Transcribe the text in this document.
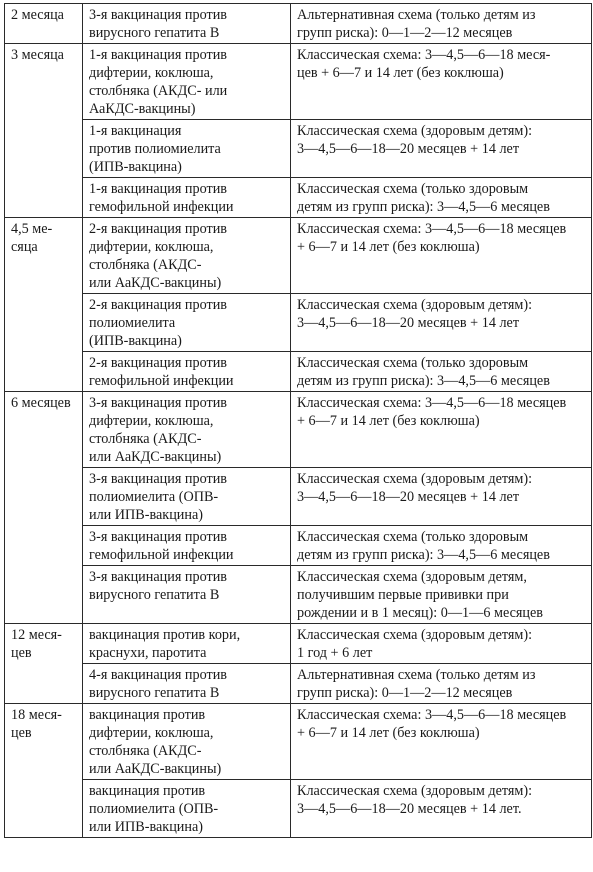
2 месяца	3-я вакцинация против
вирусного гепатита В	Альтернативная схема (только детям из
групп риска): 0—1—2—12 месяцев

3 месяца	1-я вакцинация против
дифтерии, коклюша,
столбняка (АКДС- или
АаКДС-вакцины)	Классическая схема: 3—4,5—6—18 меся-
цев + 6—7 и 14 лет (без коклюша)

	1-я вакцинация
против полиомиелита
(ИПВ-вакцина)	Классическая схема (здоровым детям):
3—4,5—6—18—20 месяцев + 14 лет

	1-я вакцинация против
гемофильной инфекции	Классическая схема (только здоровым
детям из групп риска): 3—4,5—6 месяцев

4,5 ме-
сяца	2-я вакцинация против
дифтерии, коклюша,
столбняка (АКДС-
или АаКДС-вакцины)	Классическая схема: 3—4,5—6—18 месяцев
+ 6—7 и 14 лет (без коклюша)

	2-я вакцинация против
полиомиелита
(ИПВ-вакцина)	Классическая схема (здоровым детям):
3—4,5—6—18—20 месяцев + 14 лет

	2-я вакцинация против
гемофильной инфекции	Классическая схема (только здоровым
детям из групп риска): 3—4,5—6 месяцев

6 месяцев	3-я вакцинация против
дифтерии, коклюша,
столбняка (АКДС-
или АаКДС-вакцины)	Классическая схема: 3—4,5—6—18 месяцев
+ 6—7 и 14 лет (без коклюша)

	3-я вакцинация против
полиомиелита (ОПВ-
или ИПВ-вакцина)	Классическая схема (здоровым детям):
3—4,5—6—18—20 месяцев + 14 лет

	3-я вакцинация против
гемофильной инфекции	Классическая схема (только здоровым
детям из групп риска): 3—4,5—6 месяцев

	3-я вакцинация против
вирусного гепатита В	Классическая схема (здоровым детям,
получившим первые прививки при
рождении и в 1 месяц): 0—1—6 месяцев

12 меся-
цев	вакцинация против кори,
краснухи, паротита	Классическая схема (здоровым детям):
1 год + 6 лет

	4-я вакцинация против
вирусного гепатита В	Альтернативная схема (только детям из
групп риска): 0—1—2—12 месяцев

18 меся-
цев	вакцинация против
дифтерии, коклюша,
столбняка (АКДС-
или АаКДС-вакцины)	Классическая схема: 3—4,5—6—18 месяцев
+ 6—7 и 14 лет (без коклюша)

	вакцинация против
полиомиелита (ОПВ-
или ИПВ-вакцина)	Классическая схема (здоровым детям):
3—4,5—6—18—20 месяцев + 14 лет.
